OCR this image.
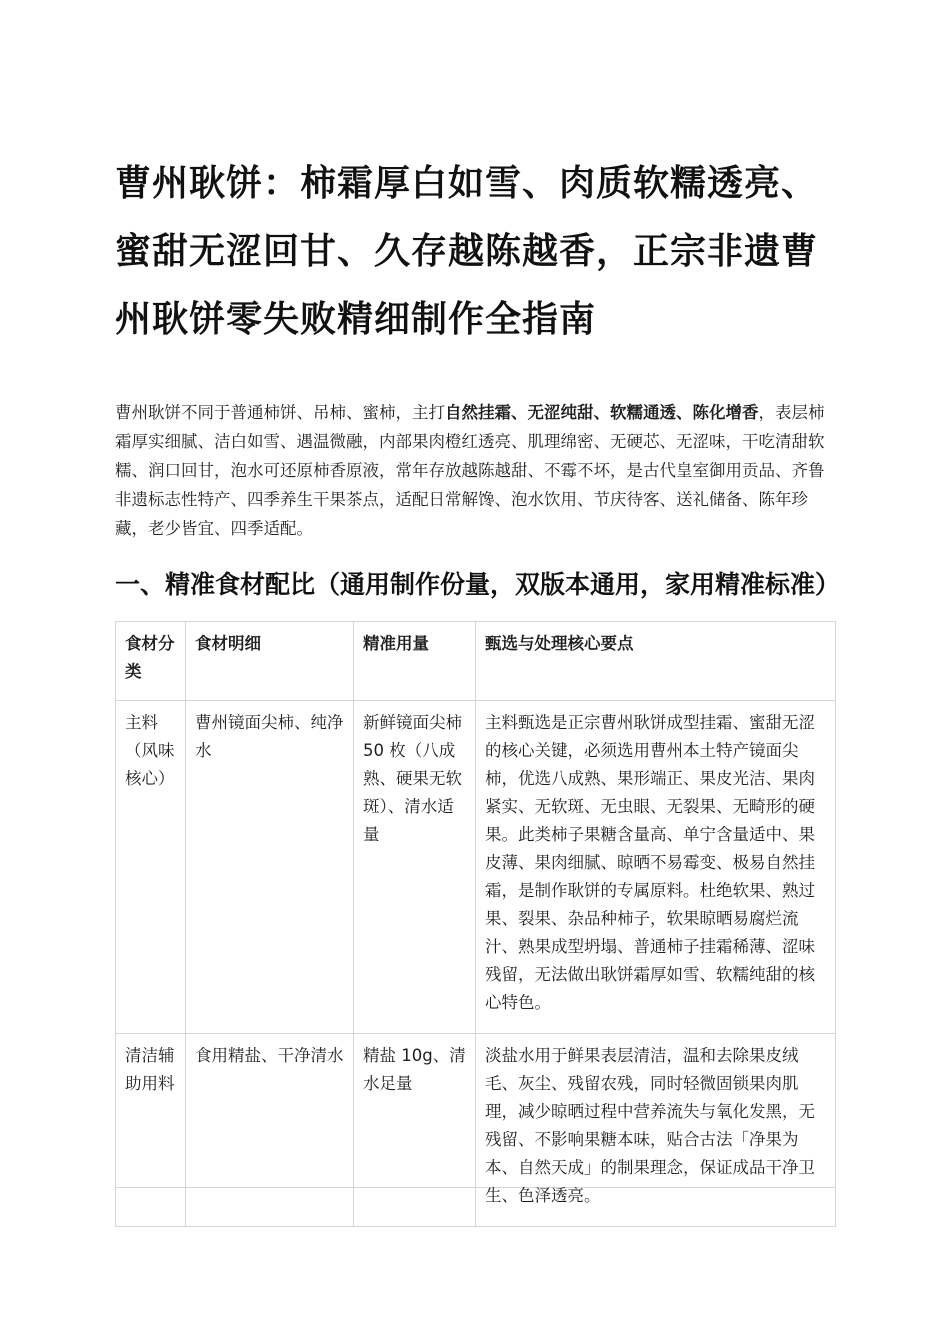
曹州耿饼：柿霜厚白如雪、肉质软糯透亮、蜜甜无涩回甘、久存越陈越香，正宗非遗曹州耿饼零失败精细制作全指南

曹州耿饼不同于普通柿饼、吊柿、蜜柿，主打自然挂霜、无涩纯甜、软糯通透、陈化增香，表层柿霜厚实细腻、洁白如雪、遇温微融，内部果肉橙红透亮、肌理绵密、无硬芯、无涩味，干吃清甜软糯、润口回甘，泡水可还原柿香原液，常年存放越陈越甜、不霉不坏，是古代皇室御用贡品、齐鲁非遗标志性特产、四季养生干果茶点，适配日常解馋、泡水饮用、节庆待客、送礼储备、陈年珍藏，老少皆宜、四季适配。

一、精准食材配比（通用制作份量，双版本通用，家用精准标准）
食材分类	食材明细	精准用量	甄选与处理核心要点
主料（风味核心）	曹州镜面尖柿、纯净水	新鲜镜面尖柿 50 枚（八成熟、硬果无软斑）、清水适量	主料甄选是正宗曹州耿饼成型挂霜、蜜甜无涩的核心关键，必须选用曹州本土特产镜面尖柿，优选八成熟、果形端正、果皮光洁、果肉紧实、无软斑、无虫眼、无裂果、无畸形的硬果。此类柿子果糖含量高、单宁含量适中、果皮薄、果肉细腻、晾晒不易霉变、极易自然挂霜，是制作耿饼的专属原料。杜绝软果、熟过果、裂果、杂品种柿子，软果晾晒易腐烂流汁、熟果成型坍塌、普通柿子挂霜稀薄、涩味残留，无法做出耿饼霜厚如雪、软糯纯甜的核心特色。
清洁辅助用料	食用精盐、干净清水	精盐 10g、清水足量	淡盐水用于鲜果表层清洁，温和去除果皮绒毛、灰尘、残留农残，同时轻微固锁果肉肌理，减少晾晒过程中营养流失与氧化发黑，无残留、不影响果糖本味，贴合古法「净果为本、自然天成」的制果理念，保证成品干净卫生、色泽透亮。
